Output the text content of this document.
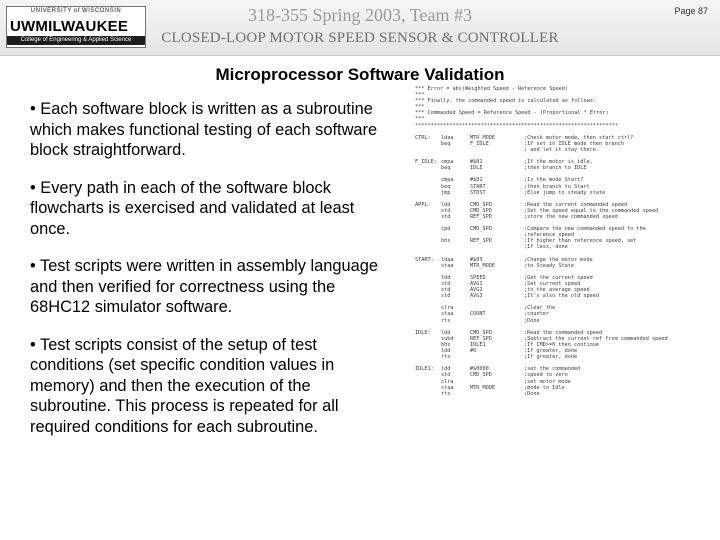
UNIVERSITY of WISCONSIN
UWMILWAUKEE
College of Engineering & Applied Science
318-355 Spring 2003, Team #3
CLOSED-LOOP MOTOR SPEED SENSOR & CONTROLLER
Page 87
Microprocessor Software Validation

• Each software block is written as a subroutine which makes functional testing of each software block straightforward.

• Every path in each of the software block flowcharts is exercised and validated at least once.

• Test scripts were written in assembly language and then verified for correctness using the 68HC12 simulator software.

• Test scripts consist of the setup of test conditions (set specific condition values in memory) and then the execution of the subroutine. This process is repeated for all required conditions for each subroutine.

*** Error = abs(Weighted Speed - Reference Speed)
***
*** Finally, the commanded speed is calculated as follows:
***
*** Commanded Speed = Reference Speed - (Proportional * Error)
***
*****************************************************************
CTRL: ldaa	MTR_MODE	;Check motor mode, then start ctrl?
beq	F_IDLE	;If set in IDLE mode then branch
; and let it stay there.
F_IDLE: cmpa	#$01	;If the motor is idle,
beq	IDLE	;then branch to IDLE
cmpa	#$02	;Is the mode Start?
beq	START	;then branch to Start
jmp	STDST	;Else jump to steady state
APPL: ldd	CMD_SPD	;Read the current commanded speed
std	CMD_SPD	;Set the speed equal to the commanded speed
std	REF_SPD	;store the new commanded speed
cpd	CMD_SPD	;Compare the new commanded speed to the
;reference speed
bhs	REF_SPD	;If higher than reference speed, set
;If less, done
START: ldaa	#$03	;Change the motor mode
staa	MTR_MODE	;to Steady State
ldd	SPEED	;Get the current speed
std	AVG1	;Set current speed
std	AVG2	;to the average speed
std	AVG3	;It's also the old speed
clra	;Clear the
staa	COUNT	;counter
rts	;Done
IDLE: ldd	CMD_SPD	;Read the commanded speed
subd	REF_SPD	;Subtract the current ref from commanded speed
bhs	IDLE1	;If CMD>=0 then continue
ldd	#0	;If greater, done
rts	;If greater, done
IDLE1: ldd	#$0000	;set the commanded
std	CMD_SPD	;speed to zero
clra	;set motor mode
staa	MTR_MODE	;mode to Idle
rts	;Done
